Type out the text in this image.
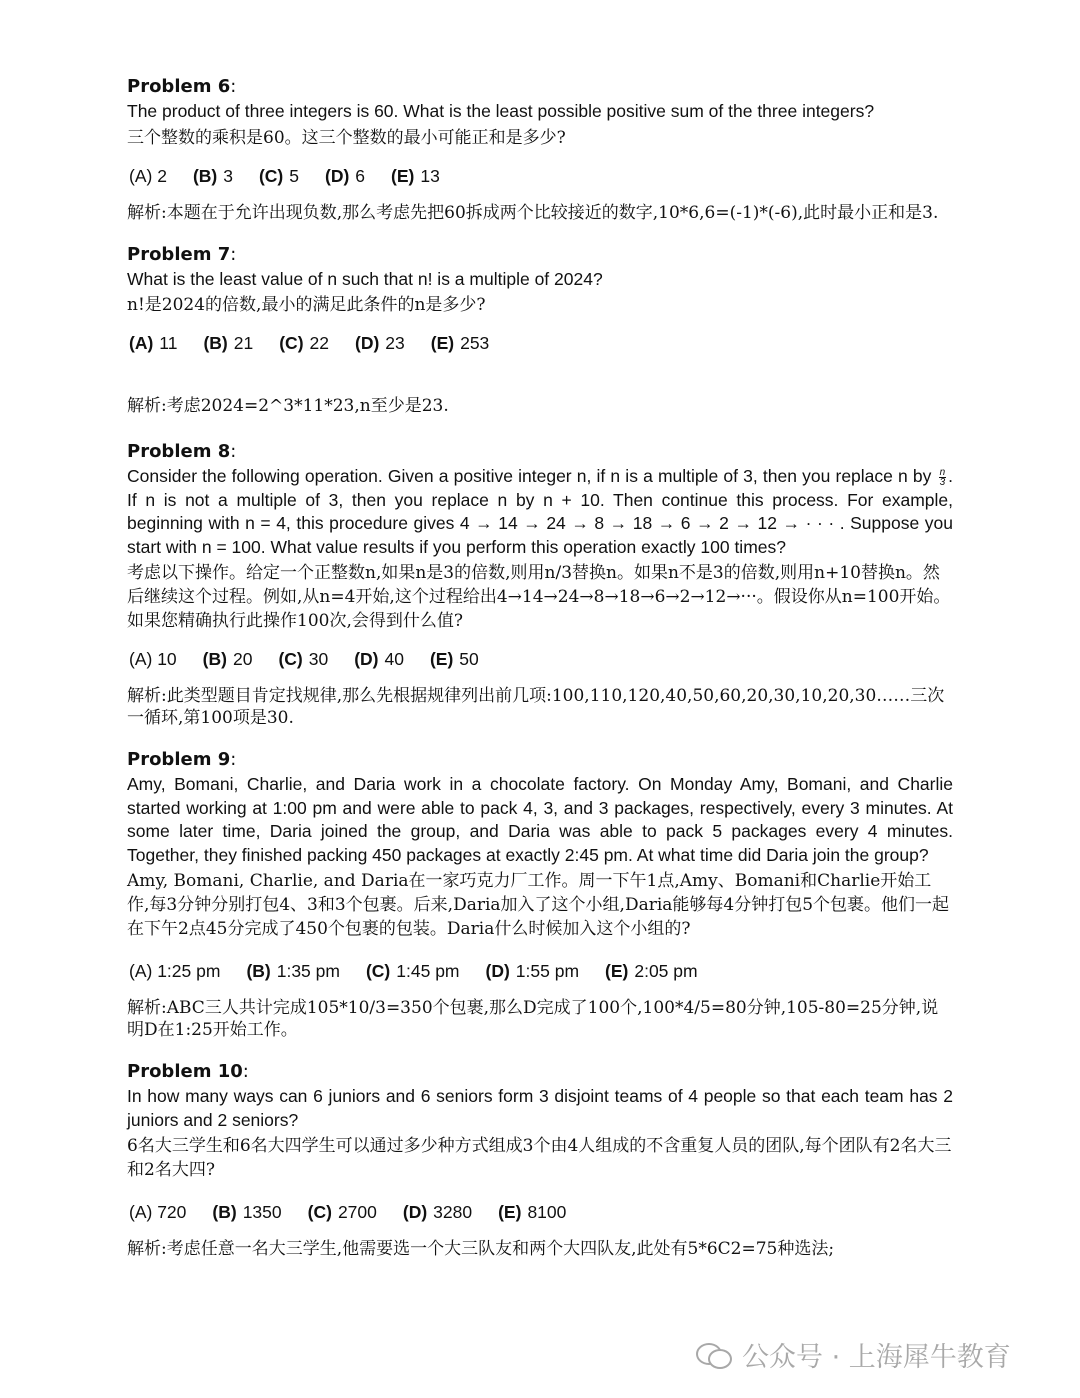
Problem 6:

The product of three integers is 60. What is the least possible positive sum of the three integers?

三个整数的乘积是60。这三个整数的最小可能正和是多少?

(A) 2 (B) 3 (C) 5 (D) 6 (E) 13

解析:本题在于允许出现负数,那么考虑先把60拆成两个比较接近的数字,10*6,6=(-1)*(-6),此时最小正和是3.

Problem 7:

What is the least value of n such that n! is a multiple of 2024?

n!是2024的倍数,最小的满足此条件的n是多少?

(A) 11 (B) 21 (C) 22 (D) 23 (E) 253

解析:考虑2024=2^3*11*23,n至少是23.

Problem 8:

Consider the following operation. Given a positive integer n, if n is a multiple of 3, then you replace n by $\frac{n}{3}$ . If n is not a multiple of 3, then you replace n by n + 10. Then continue this process. For example, beginning with n = 4, this procedure gives 4 → 14 → 24 → 8 → 18 → 6 → 2 → 12 → · · · . Suppose you start with n = 100. What value results if you perform this operation exactly 100 times?

考虑以下操作。给定一个正整数n,如果n是3的倍数,则用n/3替换n。如果n不是3的倍数,则用n+10替换n。然后继续这个过程。例如,从n=4开始,这个过程给出4→14→24→8→18→6→2→12→···。假设你从n=100开始。如果您精确执行此操作100次,会得到什么值?

(A) 10 (B) 20 (C) 30 (D) 40 (E) 50

解析:此类型题目肯定找规律,那么先根据规律列出前几项:100,110,120,40,50,60,20,30,10,20,30……三次一循环,第100项是30.

Problem 9:

Amy, Bomani, Charlie, and Daria work in a chocolate factory. On Monday Amy, Bomani, and Charlie started working at 1:00 pm and were able to pack 4, 3, and 3 packages, respectively, every 3 minutes. At some later time, Daria joined the group, and Daria was able to pack 5 packages every 4 minutes. Together, they finished packing 450 packages at exactly 2:45 pm. At what time did Daria join the group?

Amy, Bomani, Charlie, and Daria在一家巧克力厂工作。周一下午1点,Amy、Bomani和Charlie开始工作,每3分钟分别打包4、3和3个包裹。后来,Daria加入了这个小组,Daria能够每4分钟打包5个包裹。他们一起在下午2点45分完成了450个包裹的包装。Daria什么时候加入这个小组的?

(A) 1:25 pm (B) 1:35 pm (C) 1:45 pm (D) 1:55 pm (E) 2:05 pm

解析:ABC三人共计完成105*10/3=350个包裹,那么D完成了100个,100*4/5=80分钟,105-80=25分钟,说明D在1:25开始工作。

Problem 10:

In how many ways can 6 juniors and 6 seniors form 3 disjoint teams of 4 people so that each team has 2 juniors and 2 seniors?

6名大三学生和6名大四学生可以通过多少种方式组成3个由4人组成的不含重复人员的团队,每个团队有2名大三和2名大四?

(A) 720 (B) 1350 (C) 2700 (D) 3280 (E) 8100

解析:考虑任意一名大三学生,他需要选一个大三队友和两个大四队友,此处有5*6C2=75种选法;

公众号 · 上海犀牛教育
